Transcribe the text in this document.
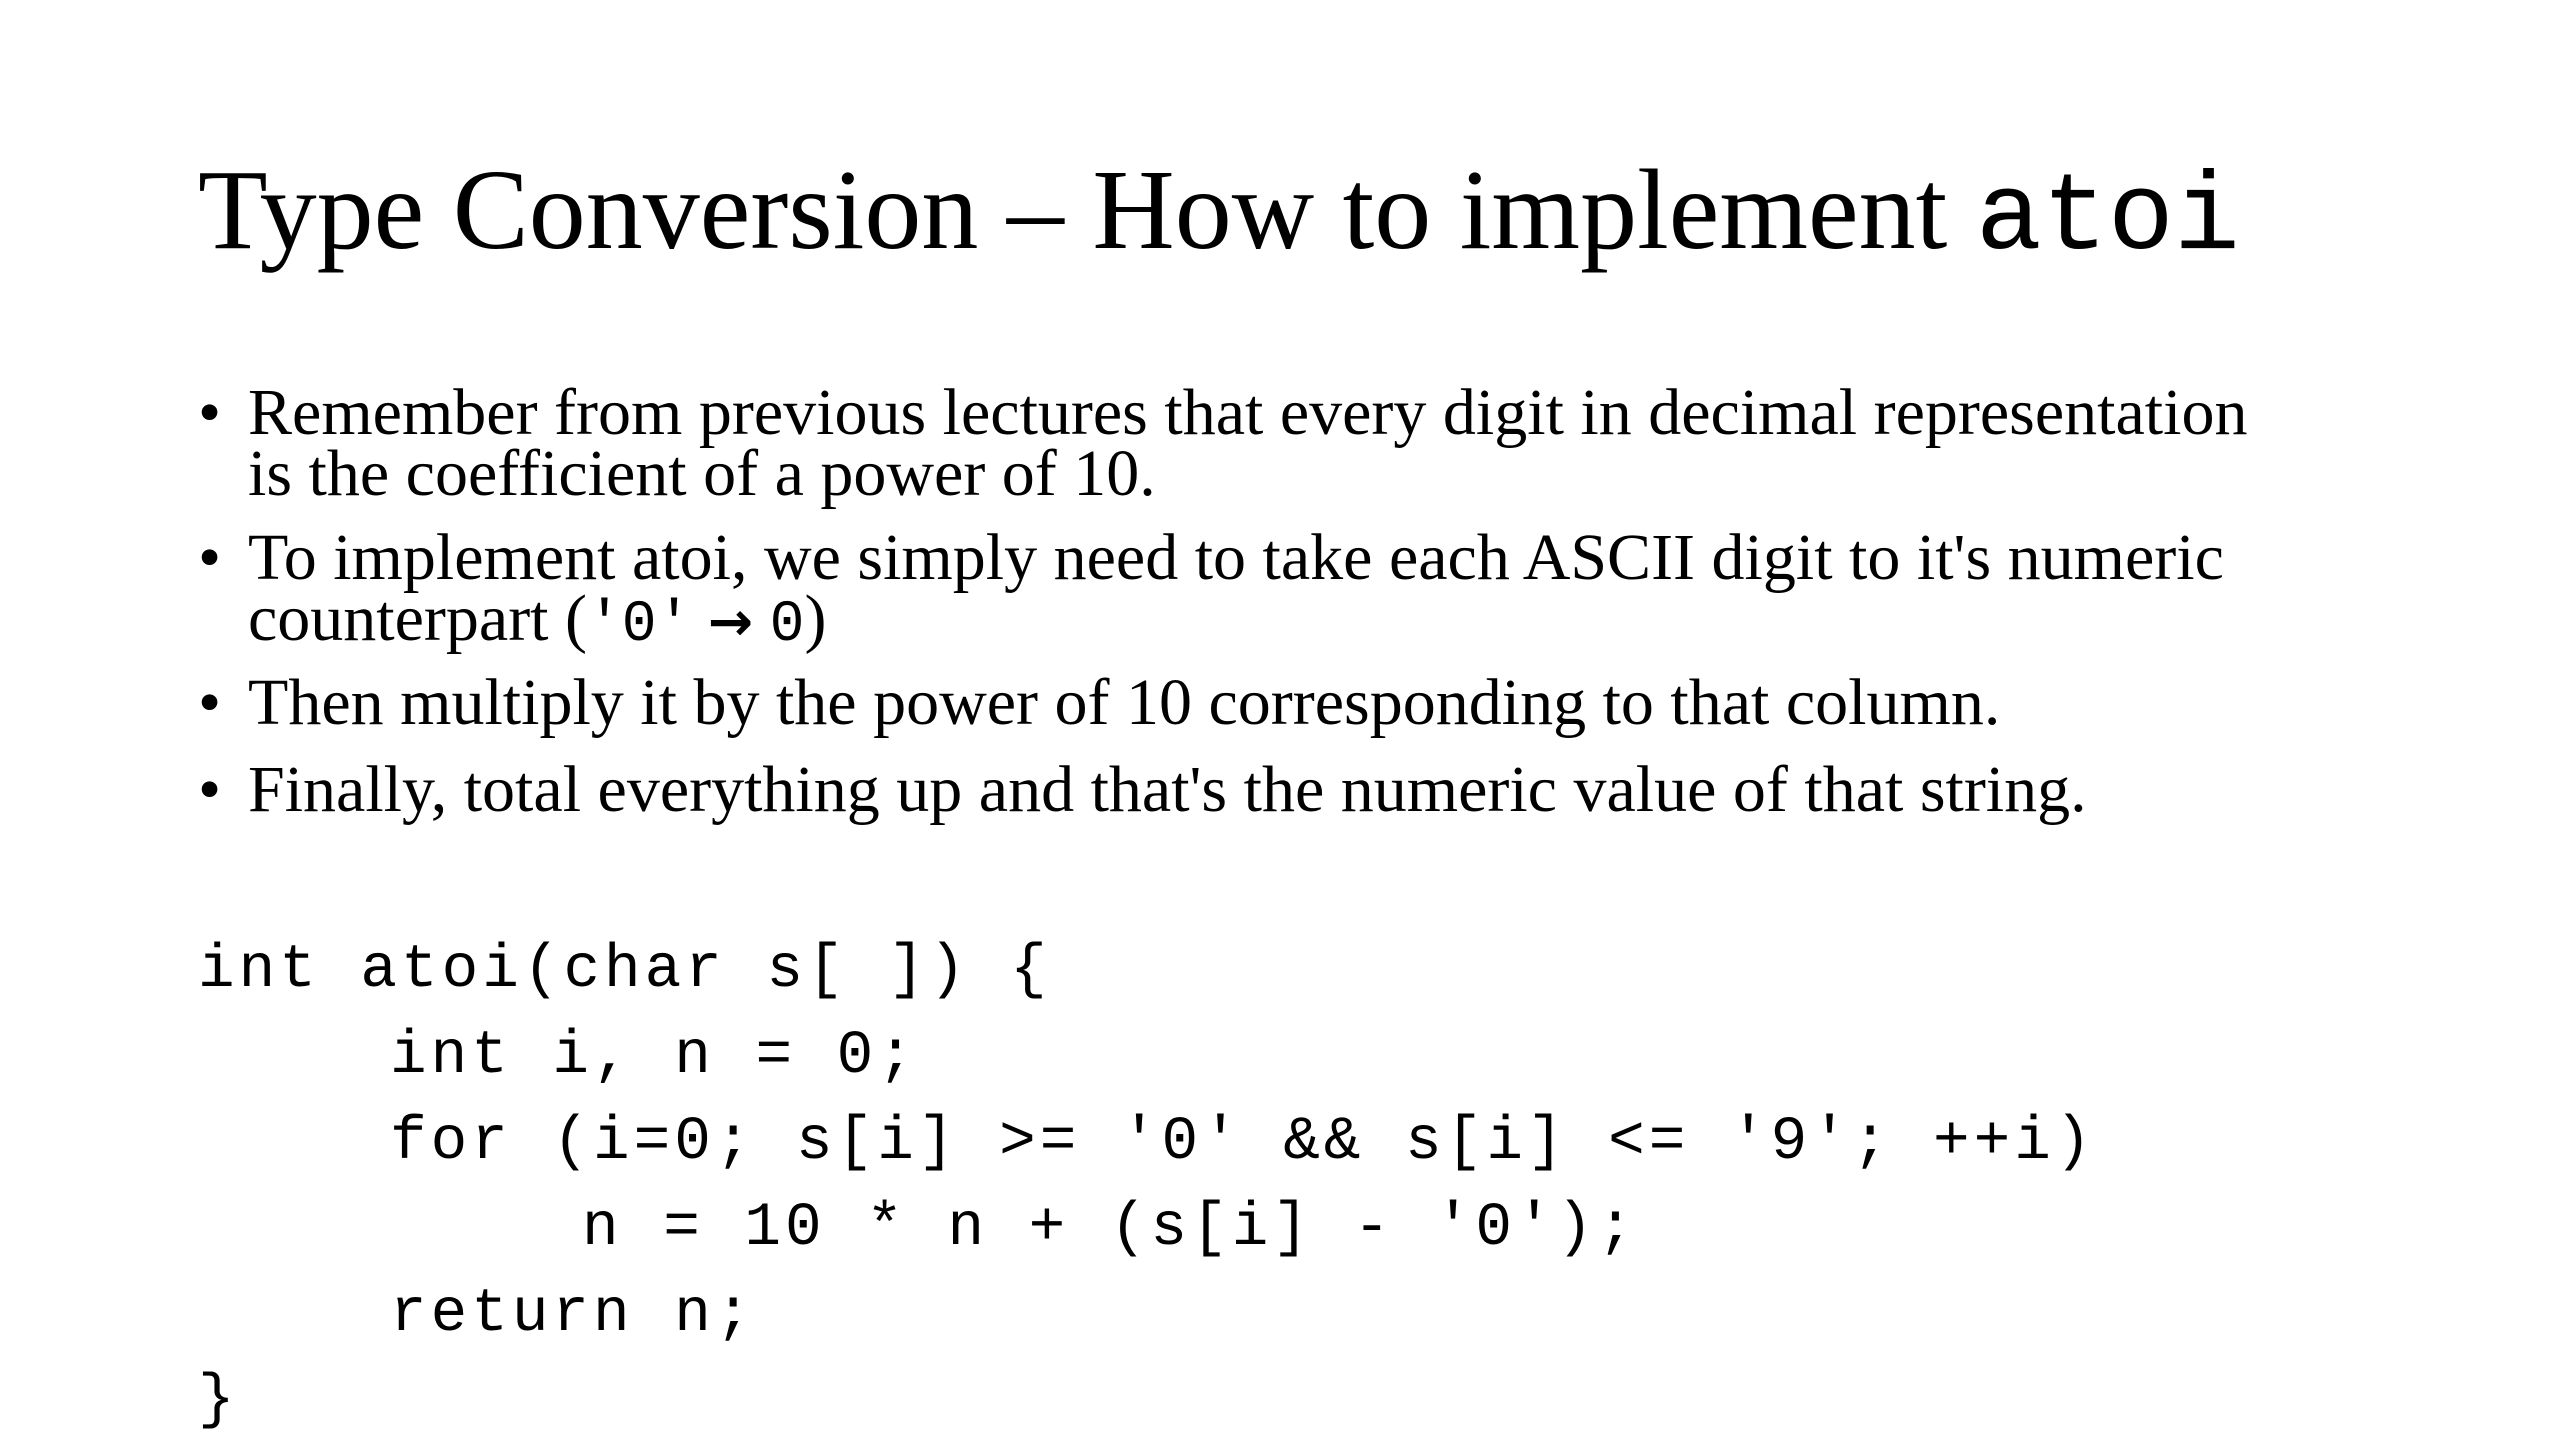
Type Conversion – How to implement atoi
• Remember from previous lectures that every digit in decimal representation
is the coefficient of a power of 10.
• To implement atoi, we simply need to take each ASCII digit to it's numeric
counterpart ('0' → 0)
• Then multiply it by the power of 10 corresponding to that column.
• Finally, total everything up and that's the numeric value of that string.
int atoi(char s[ ]) {
int i, n = 0;
for (i=0; s[i] >= '0' && s[i] <= '9'; ++i)
n = 10 * n + (s[i] - '0');
return n;
}
